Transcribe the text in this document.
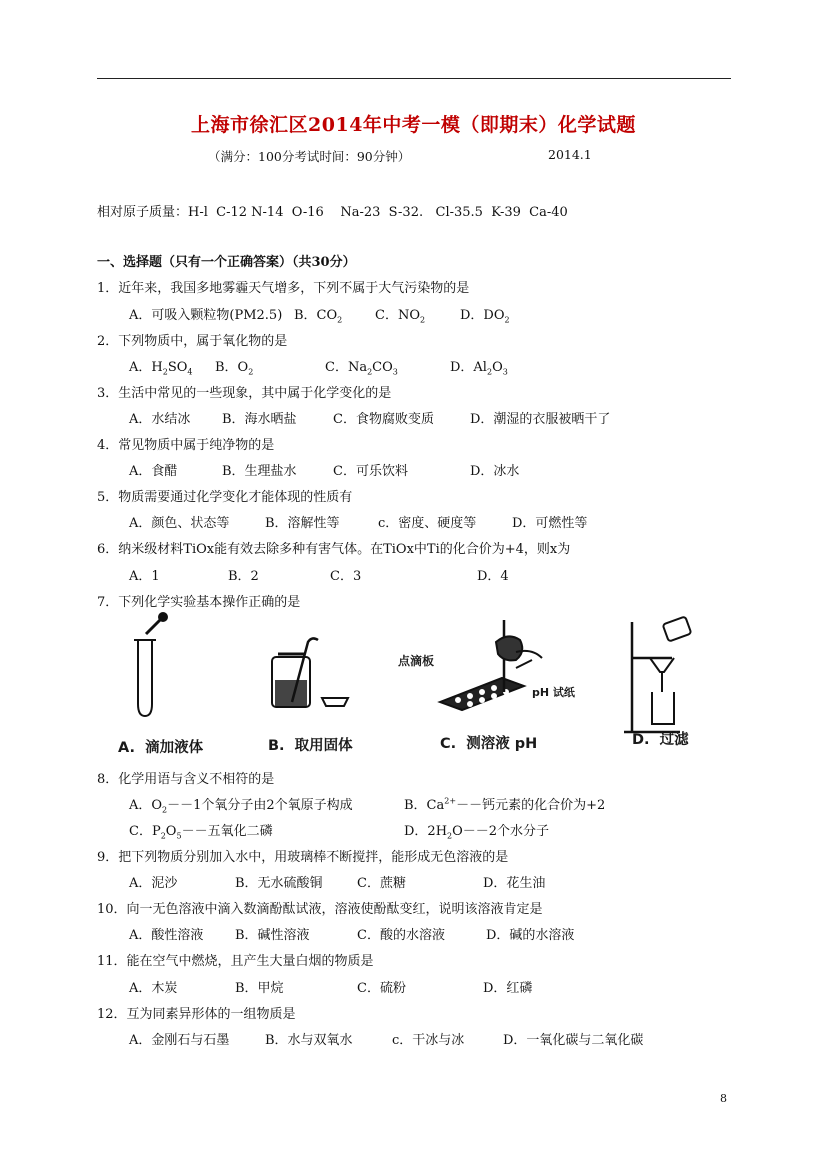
上海市徐汇区2014年中考一模（即期末）化学试题
（满分：100分考试时间：90分钟）	2014.1
相对原子质量：H-l  C-12 N-14  O-16    Na-23  S-32.   Cl-35.5  K-39  Ca-40
一、选择题（只有一个正确答案）（共30分）
1．近年来，我国多地雾霾天气增多，下列不属于大气污染物的是
A．可吸入颗粒物(PM2.5) B．$CO_2$	C．$NO_2$	D．$DO_2$
2．下列物质中，属于氧化物的是
A．$H_2SO_4$ B．$O_2$	C．$Na_2CO_3$	D．$Al_2O_3$
3．生活中常见的一些现象，其中属于化学变化的是
A．水结冰 B．海水晒盐	C．食物腐败变质	D．潮湿的衣服被晒干了
4．常见物质中属于纯净物的是
A．食醋	B．生理盐水	C．可乐饮料	D．冰水
5．物质需要通过化学变化才能体现的性质有
A．颜色、状态等	B．溶解性等	c．密度、硬度等	D．可燃性等
6．纳米级材料TiOx能有效去除多种有害气体。在TiOx中Ti的化合价为+4，则x为
A．1	B．2	C．3	D．4
7．下列化学实验基本操作正确的是
点滴板
pH 试纸
A.  滴加液体	B.  取用固体	C.  测溶液 pH	D.  过滤
8．化学用语与含义不相符的是
A．$O_2--1$个氧分子由2个氧原子构成	B．$Ca^{2+}--$钙元素的化合价为+2
C．$P_2O_5--$五氧化二磷	D．$2H_2O--2$个水分子
9．把下列物质分别加入水中，用玻璃棒不断搅拌，能形成无色溶液的是
A．泥沙	B．无水硫酸铜	C．蔗糖	D．花生油
10．向一无色溶液中滴入数滴酚酞试液，溶液使酚酞变红，说明该溶液肯定是
A．酸性溶液 B．碱性溶液	C．酸的水溶液	D．碱的水溶液
11．能在空气中燃烧，且产生大量白烟的物质是
A．木炭	B．甲烷	C．硫粉	D．红磷
12．互为同素异形体的一组物质是
A．金刚石与石墨	B．水与双氧水	c．干冰与冰	D．一氧化碳与二氧化碳
8
